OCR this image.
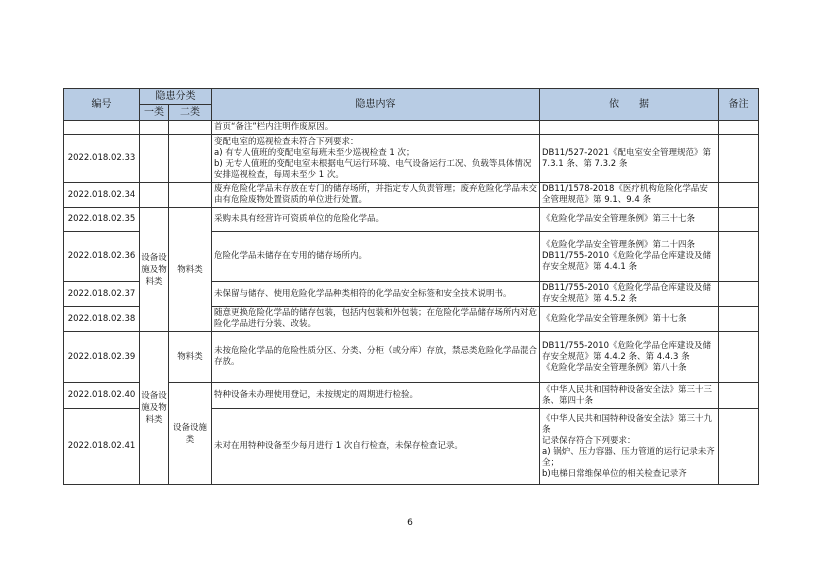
编号	隐患分类		隐患内容	依　　据	备注
	一类	二类			
			首页“备注”栏内注明作废原因。		
2022.018.02.33			变配电室的巡视检查未符合下列要求：
a) 有专人值班的变配电室每班未至少巡视检查 1 次；
b) 无专人值班的变配电室未根据电气运行环境、电气设备运行工况、负载等具体情况安排巡视检查，每周未至少 1 次。	DB11/527-2021《配电室安全管理规范》第 7.3.1 条、第 7.3.2 条	
2022.018.02.34			废弃危险化学品未存放在专门的储存场所，并指定专人负责管理；废弃危险化学品未交由有危险废物处置资质的单位进行处置。	DB11/1578-2018《医疗机构危险化学品安全管理规范》第 9.1、9.4 条	
2022.018.02.35	设备设施及物料类	物料类	采购未具有经营许可资质单位的危险化学品。	《危险化学品安全管理条例》第三十七条	
2022.018.02.36			危险化学品未储存在专用的储存场所内。	《危险化学品安全管理条例》第二十四条
DB11/755-2010《危险化学品仓库建设及储存安全规范》第 4.4.1 条	
2022.018.02.37			未保留与储存、使用危险化学品种类相符的化学品安全标签和安全技术说明书。	DB11/755-2010《危险化学品仓库建设及储存安全规范》第 4.5.2 条	
2022.018.02.38			随意更换危险化学品的储存包装，包括内包装和外包装；在危险化学品储存场所内对危险化学品进行分装、改装。	《危险化学品安全管理条例》第十七条	
2022.018.02.39	设备设施及物料类	物料类	未按危险化学品的危险性质分区、分类、分柜（或分库）存放，禁忌类危险化学品混合存放。	DB11/755-2010《危险化学品仓库建设及储存安全规范》第 4.4.2 条、第 4.4.3 条
《危险化学品安全管理条例》第八十条	
2022.018.02.40		设备设施类	特种设备未办理使用登记，未按规定的周期进行检验。	《中华人民共和国特种设备安全法》第三十三条、第四十条	
2022.018.02.41			未对在用特种设备至少每月进行 1 次自行检查，未保存检查记录。	《中华人民共和国特种设备安全法》第三十九条
记录保存符合下列要求：
a) 锅炉、压力容器、压力管道的运行记录未齐全；
b)电梯日常维保单位的相关检查记录齐	
6
